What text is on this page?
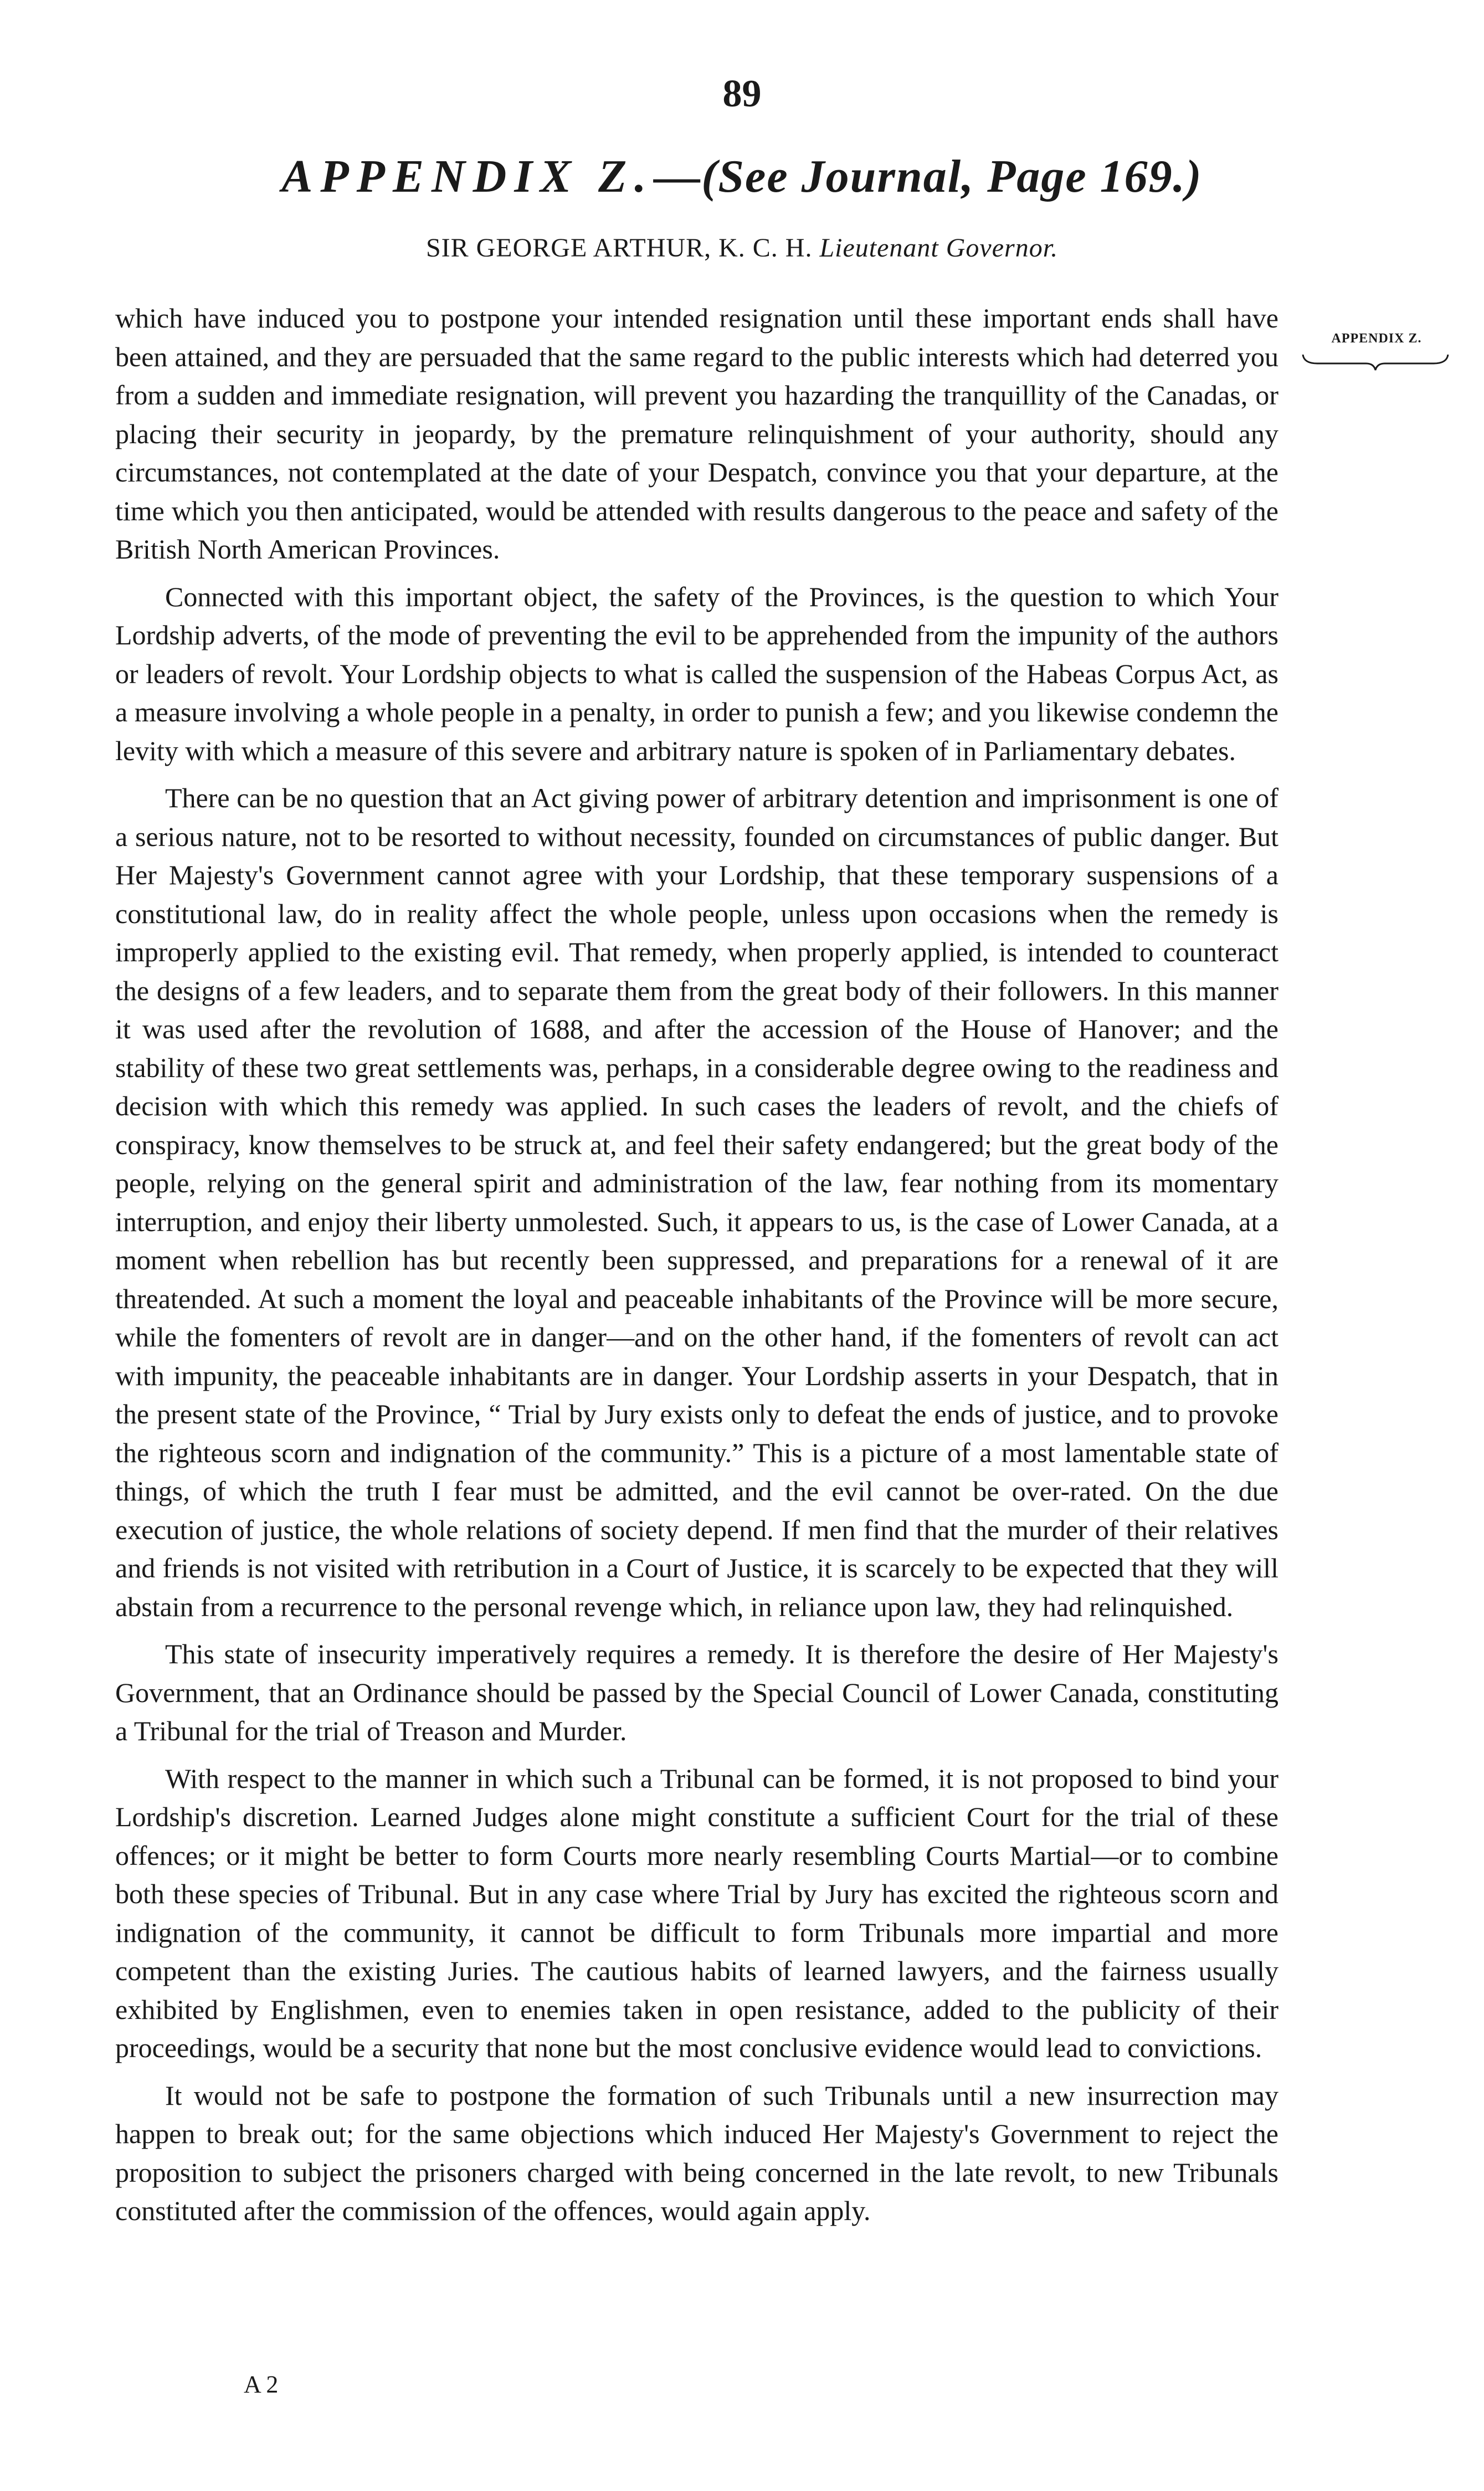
89
APPENDIX Z.—(See Journal, Page 169.)
SIR GEORGE ARTHUR, K. C. H. Lieutenant Governor.
APPENDIX Z.

which have induced you to postpone your intended resignation until these important ends shall have been attained, and they are persuaded that the same regard to the public interests which had deterred you from a sudden and immediate resignation, will prevent you hazarding the tranquillity of the Canadas, or placing their security in jeopardy, by the premature relinquishment of your authority, should any circumstances, not contemplated at the date of your Despatch, convince you that your departure, at the time which you then anticipated, would be attended with results dangerous to the peace and safety of the British North American Provinces.

Connected with this important object, the safety of the Provinces, is the question to which Your Lordship adverts, of the mode of preventing the evil to be apprehended from the impunity of the authors or leaders of revolt. Your Lordship objects to what is called the suspension of the Habeas Corpus Act, as a measure involving a whole people in a penalty, in order to punish a few; and you likewise condemn the levity with which a measure of this severe and arbitrary nature is spoken of in Parliamentary debates.

There can be no question that an Act giving power of arbitrary detention and imprisonment is one of a serious nature, not to be resorted to without necessity, founded on circumstances of public danger. But Her Majesty's Government cannot agree with your Lordship, that these temporary suspensions of a constitutional law, do in reality affect the whole people, unless upon occasions when the remedy is improperly applied to the existing evil. That remedy, when properly applied, is intended to counteract the designs of a few leaders, and to separate them from the great body of their followers. In this manner it was used after the revolution of 1688, and after the accession of the House of Hanover; and the stability of these two great settlements was, perhaps, in a considerable degree owing to the readiness and decision with which this remedy was applied. In such cases the leaders of revolt, and the chiefs of conspiracy, know themselves to be struck at, and feel their safety endangered; but the great body of the people, relying on the general spirit and administration of the law, fear nothing from its momentary interruption, and enjoy their liberty unmolested. Such, it appears to us, is the case of Lower Canada, at a moment when rebellion has but recently been suppressed, and preparations for a renewal of it are threatended. At such a moment the loyal and peaceable inhabitants of the Province will be more secure, while the fomenters of revolt are in danger—and on the other hand, if the fomenters of revolt can act with impunity, the peaceable inhabitants are in danger. Your Lordship asserts in your Despatch, that in the present state of the Province, “ Trial by Jury exists only to defeat the ends of justice, and to provoke the righteous scorn and indignation of the community.” This is a picture of a most lamentable state of things, of which the truth I fear must be admitted, and the evil cannot be over-rated. On the due execution of justice, the whole relations of society depend. If men find that the murder of their relatives and friends is not visited with retribution in a Court of Justice, it is scarcely to be expected that they will abstain from a recurrence to the personal revenge which, in reliance upon law, they had relinquished.

This state of insecurity imperatively requires a remedy. It is therefore the desire of Her Majesty's Government, that an Ordinance should be passed by the Special Council of Lower Canada, constituting a Tribunal for the trial of Treason and Murder.

With respect to the manner in which such a Tribunal can be formed, it is not proposed to bind your Lordship's discretion. Learned Judges alone might constitute a sufficient Court for the trial of these offences; or it might be better to form Courts more nearly resembling Courts Martial—or to combine both these species of Tribunal. But in any case where Trial by Jury has excited the righteous scorn and indignation of the community, it cannot be difficult to form Tribunals more impartial and more competent than the existing Juries. The cautious habits of learned lawyers, and the fairness usually exhibited by Englishmen, even to enemies taken in open resistance, added to the publicity of their proceedings, would be a security that none but the most conclusive evidence would lead to convictions.

It would not be safe to postpone the formation of such Tribunals until a new insurrection may happen to break out; for the same objections which induced Her Majesty's Government to reject the proposition to subject the prisoners charged with being concerned in the late revolt, to new Tribunals constituted after the commission of the offences, would again apply.

A 2
